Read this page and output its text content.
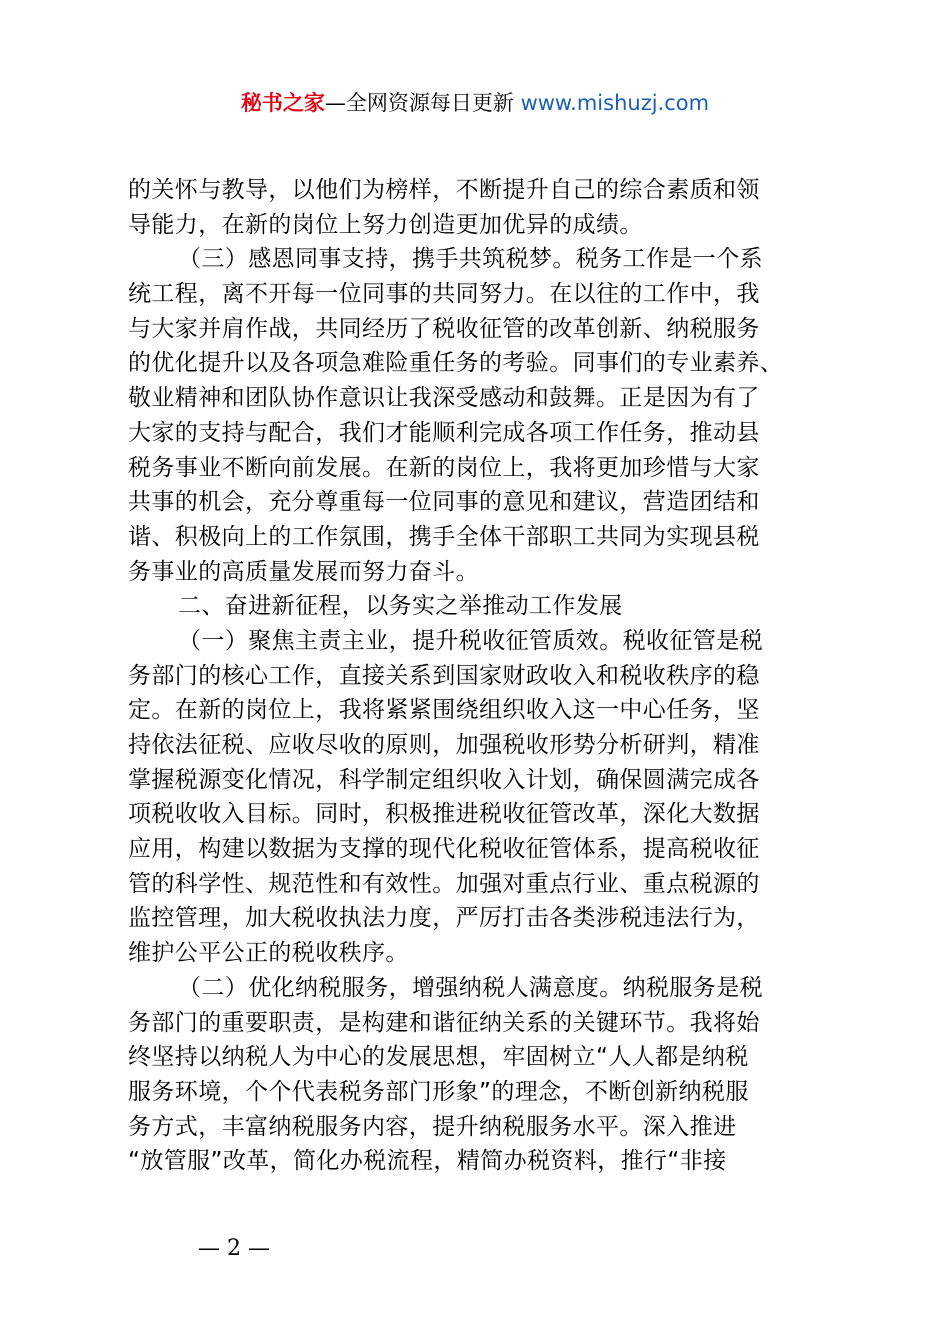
秘书之家—全网资源每日更新 www.mishuzj.com
的关怀与教导，以他们为榜样，不断提升自己的综合素质和领
导能力，在新的岗位上努力创造更加优异的成绩。
（三）感恩同事支持，携手共筑税梦。税务工作是一个系
统工程，离不开每一位同事的共同努力。在以往的工作中，我
与大家并肩作战，共同经历了税收征管的改革创新、纳税服务
的优化提升以及各项急难险重任务的考验。同事们的专业素养、
敬业精神和团队协作意识让我深受感动和鼓舞。正是因为有了
大家的支持与配合，我们才能顺利完成各项工作任务，推动县
税务事业不断向前发展。在新的岗位上，我将更加珍惜与大家
共事的机会，充分尊重每一位同事的意见和建议，营造团结和
谐、积极向上的工作氛围，携手全体干部职工共同为实现县税
务事业的高质量发展而努力奋斗。
二、奋进新征程，以务实之举推动工作发展
（一）聚焦主责主业，提升税收征管质效。税收征管是税
务部门的核心工作，直接关系到国家财政收入和税收秩序的稳
定。在新的岗位上，我将紧紧围绕组织收入这一中心任务，坚
持依法征税、应收尽收的原则，加强税收形势分析研判，精准
掌握税源变化情况，科学制定组织收入计划，确保圆满完成各
项税收收入目标。同时，积极推进税收征管改革，深化大数据
应用，构建以数据为支撑的现代化税收征管体系，提高税收征
管的科学性、规范性和有效性。加强对重点行业、重点税源的
监控管理，加大税收执法力度，严厉打击各类涉税违法行为，
维护公平公正的税收秩序。
（二）优化纳税服务，增强纳税人满意度。纳税服务是税
务部门的重要职责，是构建和谐征纳关系的关键环节。我将始
终坚持以纳税人为中心的发展思想，牢固树立“人人都是纳税
服务环境，个个代表税务部门形象”的理念，不断创新纳税服
务方式，丰富纳税服务内容，提升纳税服务水平。深入推进
“放管服”改革，简化办税流程，精简办税资料，推行“非接
— 2 —
